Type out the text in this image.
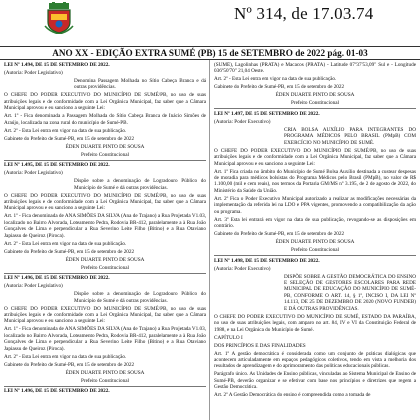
Nº 314, de 17.03.74
ANO XX - EDIÇÃO EXTRA SUMÉ (PB) 15 de SETEMBRO de 2022 pág. 01-03

LEI Nº 1.494, DE 15 DE SETEMBRO DE 2022.

(Autoria: Poder Legislativo)

Denomina Passagem Molhada no Sítio Cabeça Branca e dá outras providências.

O CHEFE DO PODER EXECUTIVO DO MUNICÍPIO DE SUMÉ/PB, no uso de suas atribuições legais e de conformidade com a Lei Orgânica Municipal, faz saber que a Câmara Municipal aprovou e eu sanciono a seguinte Lei:

Art. 1º - Fica denominada a Passagem Molhada do Sítio Cabeça Branca de Inácio Simões de Araújo, localizada na zona rural do município de Sumé-PB.

Art. 2º - Esta Lei entra em vigor na data de sua publicação.

Gabinete do Prefeito de Sumé-PB, em 15 de setembro de 2022

ÉDEN DUARTE PINTO DE SOUSA

Prefeito Constitucional

LEI Nº 1.495, DE 15 DE SETEMBRO DE 2022.

(Autoria: Poder Legislativo)

Dispõe sobre a denominação de Logradouro Público do Município de Sumé e dá outras providências.

O CHEFE DO PODER EXECUTIVO DO MUNICÍPIO DE SUMÉ/PB, no uso de suas atribuições legais e de conformidade com a Lei Orgânica Municipal, faz saber que a Câmara Municipal aprovou e eu sanciono a seguinte Lei:

Art. 1º - Fica denominada de ANA SIMÕES DA SILVA (Ana de Trajano) a Rua Projetada V1.03, localizado no Bairro Alvorada, Loteamento Pedra, Rodovia BR-412, paralelamente a à Rua João Gonçalves de Lima e perpendicular a Rua Severino Leite Filho (Bitino) e a Rua Otaviano Japiassu de Queiroz (Piroca).

Art. 2º - Esta Lei entra em vigor na data de sua publicação.

Gabinete do Prefeito de Sumé-PB, em 15 de setembro de 2022

ÉDEN DUARTE PINTO DE SOUSA

Prefeito Constitucional

LEI Nº 1.496, DE 15 DE SETEMBRO DE 2022.

(Autoria: Poder Legislativo)

Dispõe sobre a denominação de Logradouro Público do Município de Sumé e dá outras providências.

O CHEFE DO PODER EXECUTIVO DO MUNICÍPIO DE SUMÉ/PB, no uso de suas atribuições legais e de conformidade com a Lei Orgânica Municipal, faz saber que a Câmara Municipal aprovou e eu sanciono a seguinte Lei:

Art. 1º - Fica denominada de ANA SIMÕES DA SILVA (Ana de Trajano) a Rua Projetada V1.03, localizado no Bairro Alvorada, Loteamento Pedra, Rodovia BR-412, paralelamente a à Rua João Gonçalves de Lima e perpendicular a Rua Severino Leite Filho (Bitino) e a Rua Otaviano Japiassu de Queiroz (Piroca).

Art. 2º - Esta Lei entra em vigor na data de sua publicação.

Gabinete do Prefeito de Sumé-PB, em 15 de setembro de 2022

ÉDEN DUARTE PINTO DE SOUSA

Prefeito Constitucional

LEI Nº 1.496, DE 15 DE SETEMBRO DE 2022.

(SUMÉ), Lagolinhas (PRATA) e Macacos (PRATA) - Latitude 07º37'53,09" Sul e - Longitude 036º50'70" 21,04 Oeste.

Art. 2º - Esta Lei entra em vigor na data de sua publicação.

Gabinete do Prefeito de Sumé-PB, em 15 de setembro de 2022

ÉDEN DUARTE PINTO DE SOUSA

Prefeito Constitucional

LEI Nº 1.497, DE 15 DE SETEMBRO DE 2022.

(Autoria: Poder Executivo)

CRIA BOLSA AUXÍLIO PARA INTEGRANTES DO PROGRAMA MÉDICOS PELO BRASIL (PMpB) COM EXERCÍCIO NO MUNICÍPIO DE SUMÉ.

O CHEFE DO PODER EXECUTIVO DO MUNICÍPIO DE SUMÉ/PB, no uso de suas atribuições legais e de conformidade com a Lei Orgânica Municipal, faz saber que a Câmara Municipal aprovou e eu sanciono a seguinte Lei:

Art. 1º Fica criada no âmbito do Município de Sumé Bolsa Auxílio destinada a custear despesas de moradia para médicos bolsistas do Programa Médicos pelo Brasil (PMpB), no valor de R$ 1.100,00 (mil e cem reais), nos termos da Portaria GM/MS nº 3.195, de 2 de agosto de 2022, do Ministério da Saúde da União.

Art. 2º Fica o Poder Executivo Municipal autorizado a realizar as modificações necessárias da implementação da referida lei na LDO e PPA vigentes, promovendo a compatibilização da ação ou programa.

Art. 3º Esta lei entrará em vigor na data de sua publicação, revogando-se as disposições em contrário.

Gabinete do Prefeito de Sumé-PB, em 15 de setembro de 2022

ÉDEN DUARTE PINTO DE SOUSA

Prefeito Constitucional

LEI Nº 1.498, DE 15 DE SETEMBRO DE 2022.

(Autoria: Poder Executivo)

DISPÕE SOBRE A GESTÃO DEMOCRÁTICA DO ENSINO E SELEÇÃO DE GESTORES ESCOLARES PARA REDE MUNICIPAL DE EDUCAÇÃO DO MUNICÍPIO DE SUMÉ-PB, CONFORME O ART. 14, § 1º, INCISO I, DA LEI Nº 14.113, DE 25 DE DEZEMBRO DE 2020 (NOVO FUNDEB) E DÁ OUTRAS PROVIDÊNCIAS.

O CHEFE DO PODER EXECUTIVO DO MUNICÍPIO DE SUMÉ, ESTADO DA PARAÍBA, no uso de suas atribuições legais, com amparo no art. 84, IV e VI da Constituição Federal de 1988, e na Lei Orgânica do Município de Sumé.

CAPÍTULO I

DOS PRINCÍPIOS E DAS FINALIDADES

Art. 1º A gestão democrática é considerada como um conjunto de práticas dialógicas que acontecem articuladamente em espaços pedagógicos coletivos, tendo em vista a melhoria dos resultados de aprendizagem e do aprimoramento das políticas educacionais públicas.

Parágrafo único. As Unidades de Ensino públicas, vinculadas ao Sistema Municipal de Ensino de Sumé-PB, deverão organizar e se efetivar com base nos princípios e diretrizes que regem a Gestão Democrática.

Art. 2º A Gestão Democrática do ensino é compreendida como a tomada de
